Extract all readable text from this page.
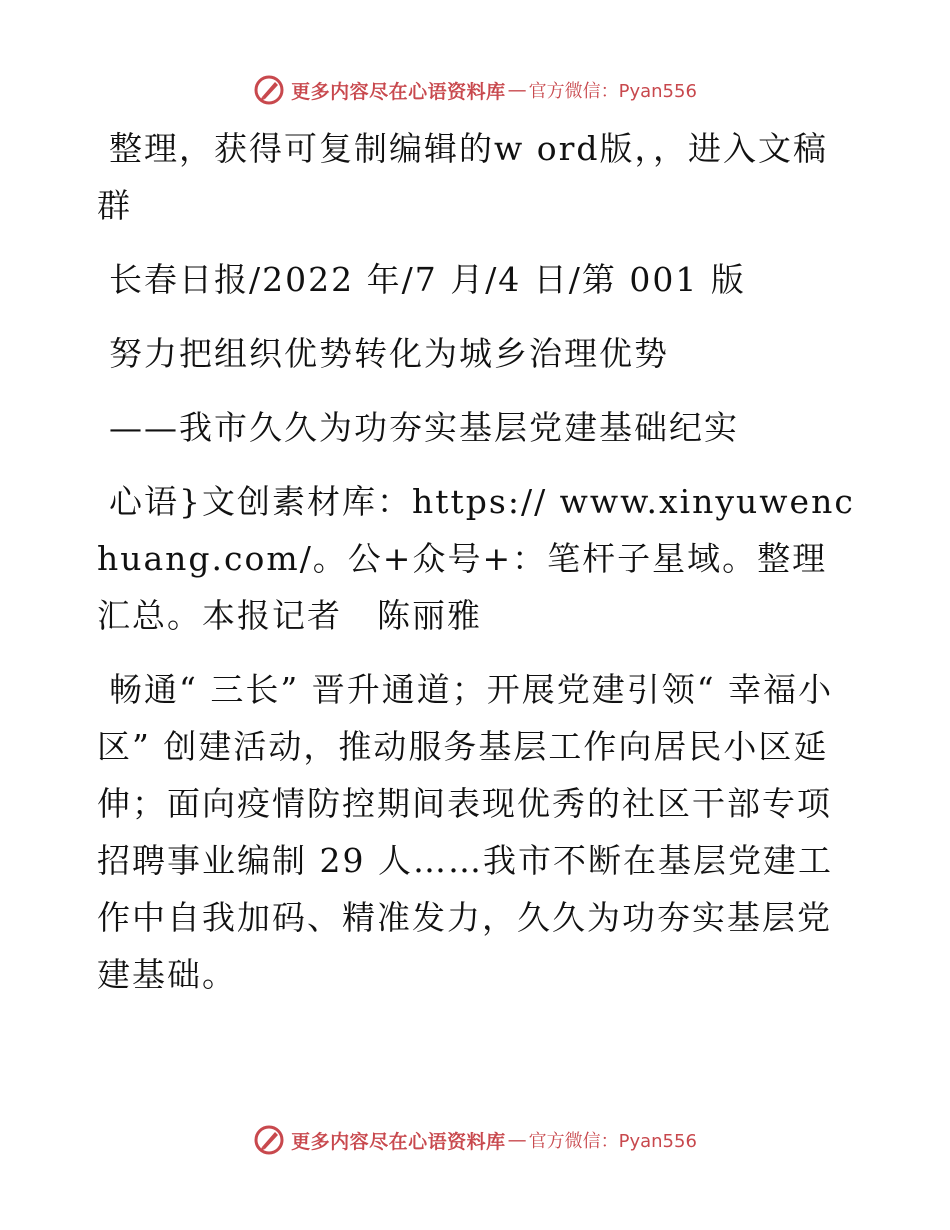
更多内容尽在心语资料库 — 官方微信：Pyan556

整理，获得可复制编辑的w ord版，，进入文稿群

长春日报/2022 年/7 月/4 日/第 001 版

努力把组织优势转化为城乡治理优势

——我市久久为功夯实基层党建基础纪实

心语}文创素材库：https:// www.xinyuwenchuang.com/。公+众号+：笔杆子星域。整理汇总。本报记者　陈丽雅

畅通“ 三长” 晋升通道；开展党建引领“ 幸福小区” 创建活动，推动服务基层工作向居民小区延伸；面向疫情防控期间表现优秀的社区干部专项招聘事业编制 29 人……我市不断在基层党建工作中自我加码、精准发力，久久为功夯实基层党建基础。

更多内容尽在心语资料库 — 官方微信：Pyan556
